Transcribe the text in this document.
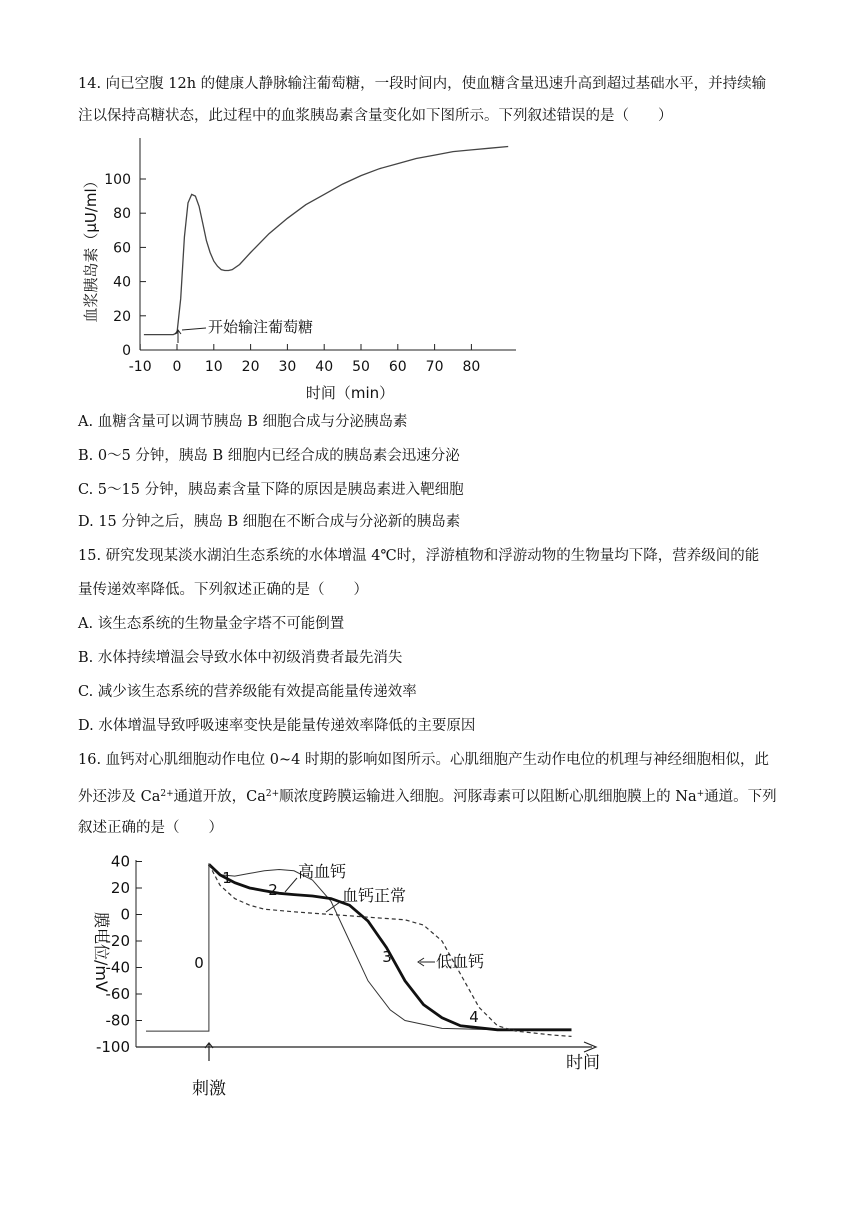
14. 向已空腹 12h 的健康人静脉输注葡萄糖，一段时间内，使血糖含量迅速升高到超过基础水平，并持续输
注以保持高糖状态，此过程中的血浆胰岛素含量变化如下图所示。下列叙述错误的是（　　）
0
20
40
60
80
100
-10 0 10 20 30 40 50 60 70 80
血浆胰岛素（μU/ml）
时间（min）
开始输注葡萄糖
A. 血糖含量可以调节胰岛 B 细胞合成与分泌胰岛素
B. 0～5 分钟，胰岛 B 细胞内已经合成的胰岛素会迅速分泌
C. 5～15 分钟，胰岛素含量下降的原因是胰岛素进入靶细胞
D. 15 分钟之后，胰岛 B 细胞在不断合成与分泌新的胰岛素
15. 研究发现某淡水湖泊生态系统的水体增温 4℃时，浮游植物和浮游动物的生物量均下降，营养级间的能
量传递效率降低。下列叙述正确的是（　　）
A. 该生态系统的生物量金字塔不可能倒置
B. 水体持续增温会导致水体中初级消费者最先消失
C. 减少该生态系统的营养级能有效提高能量传递效率
D. 水体增温导致呼吸速率变快是能量传递效率降低的主要原因
16. 血钙对心肌细胞动作电位 0~4 时期的影响如图所示。心肌细胞产生动作电位的机理与神经细胞相似，此
外还涉及 $Ca^{2+}$通道开放，$Ca^{2+}$顺浓度跨膜运输进入细胞。河豚毒素可以阻断心肌细胞膜上的 Na+通道。下列
叙述正确的是（　　）
40
20
0
-20
-40
-60
-80
-100
膜电位/mV
时间
刺激
0
1
2
3
4
高血钙
血钙正常
低血钙
